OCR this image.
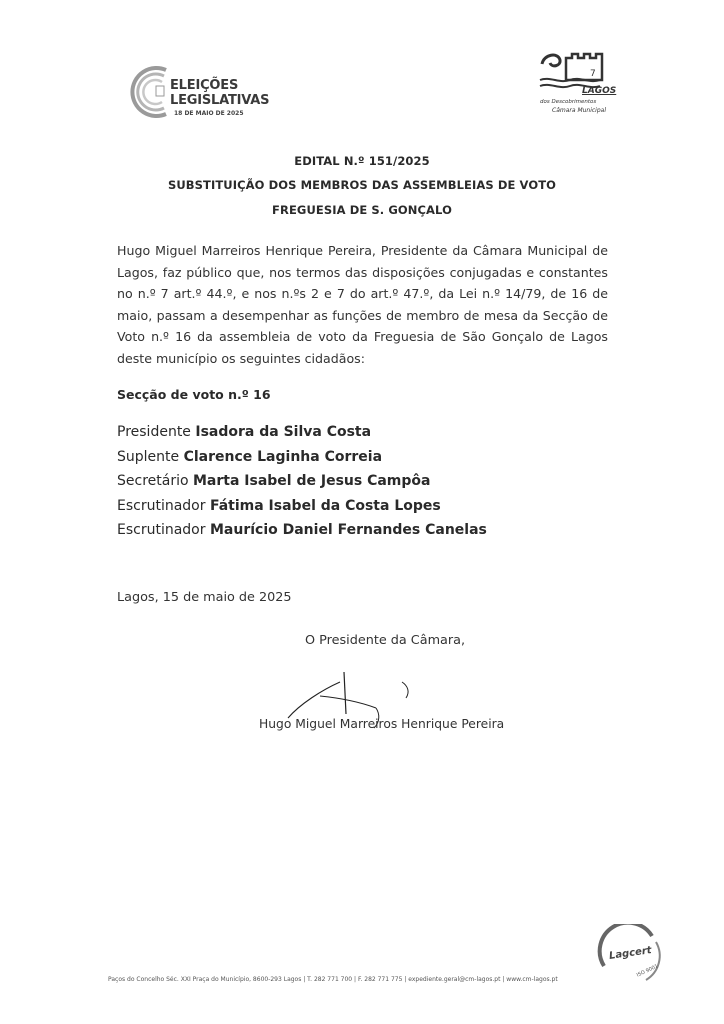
ELEIÇÕES
LEGISLATIVAS
18 DE MAIO DE 2025
7
LAGOS
dos Descobrimentos
Câmara Municipal
EDITAL N.º 151/2025
SUBSTITUIÇÃO DOS MEMBROS DAS ASSEMBLEIAS DE VOTO
FREGUESIA DE S. GONÇALO
Hugo Miguel Marreiros Henrique Pereira, Presidente da Câmara Municipal de Lagos, faz público que, nos termos das disposições conjugadas e constantes no n.º 7 art.º 44.º, e nos n.ºs 2 e 7 do art.º 47.º, da Lei n.º 14/79, de 16 de maio, passam a desempenhar as funções de membro de mesa da Secção de Voto n.º 16 da assembleia de voto da Freguesia de São Gonçalo de Lagos deste município os seguintes cidadãos:
Secção de voto n.º 16
Presidente Isadora da Silva Costa
Suplente Clarence Laginha Correia
Secretário Marta Isabel de Jesus Campôa
Escrutinador Fátima Isabel da Costa Lopes
Escrutinador Maurício Daniel Fernandes Canelas
Lagos, 15 de maio de 2025
O Presidente da Câmara,
Hugo Miguel Marreiros Henrique Pereira
Paços do Concelho Séc. XXI Praça do Município, 8600-293 Lagos | T. 282 771 700 | F. 282 771 775 | expediente.geral@cm-lagos.pt | www.cm-lagos.pt
Lagcert
ISO 9001
